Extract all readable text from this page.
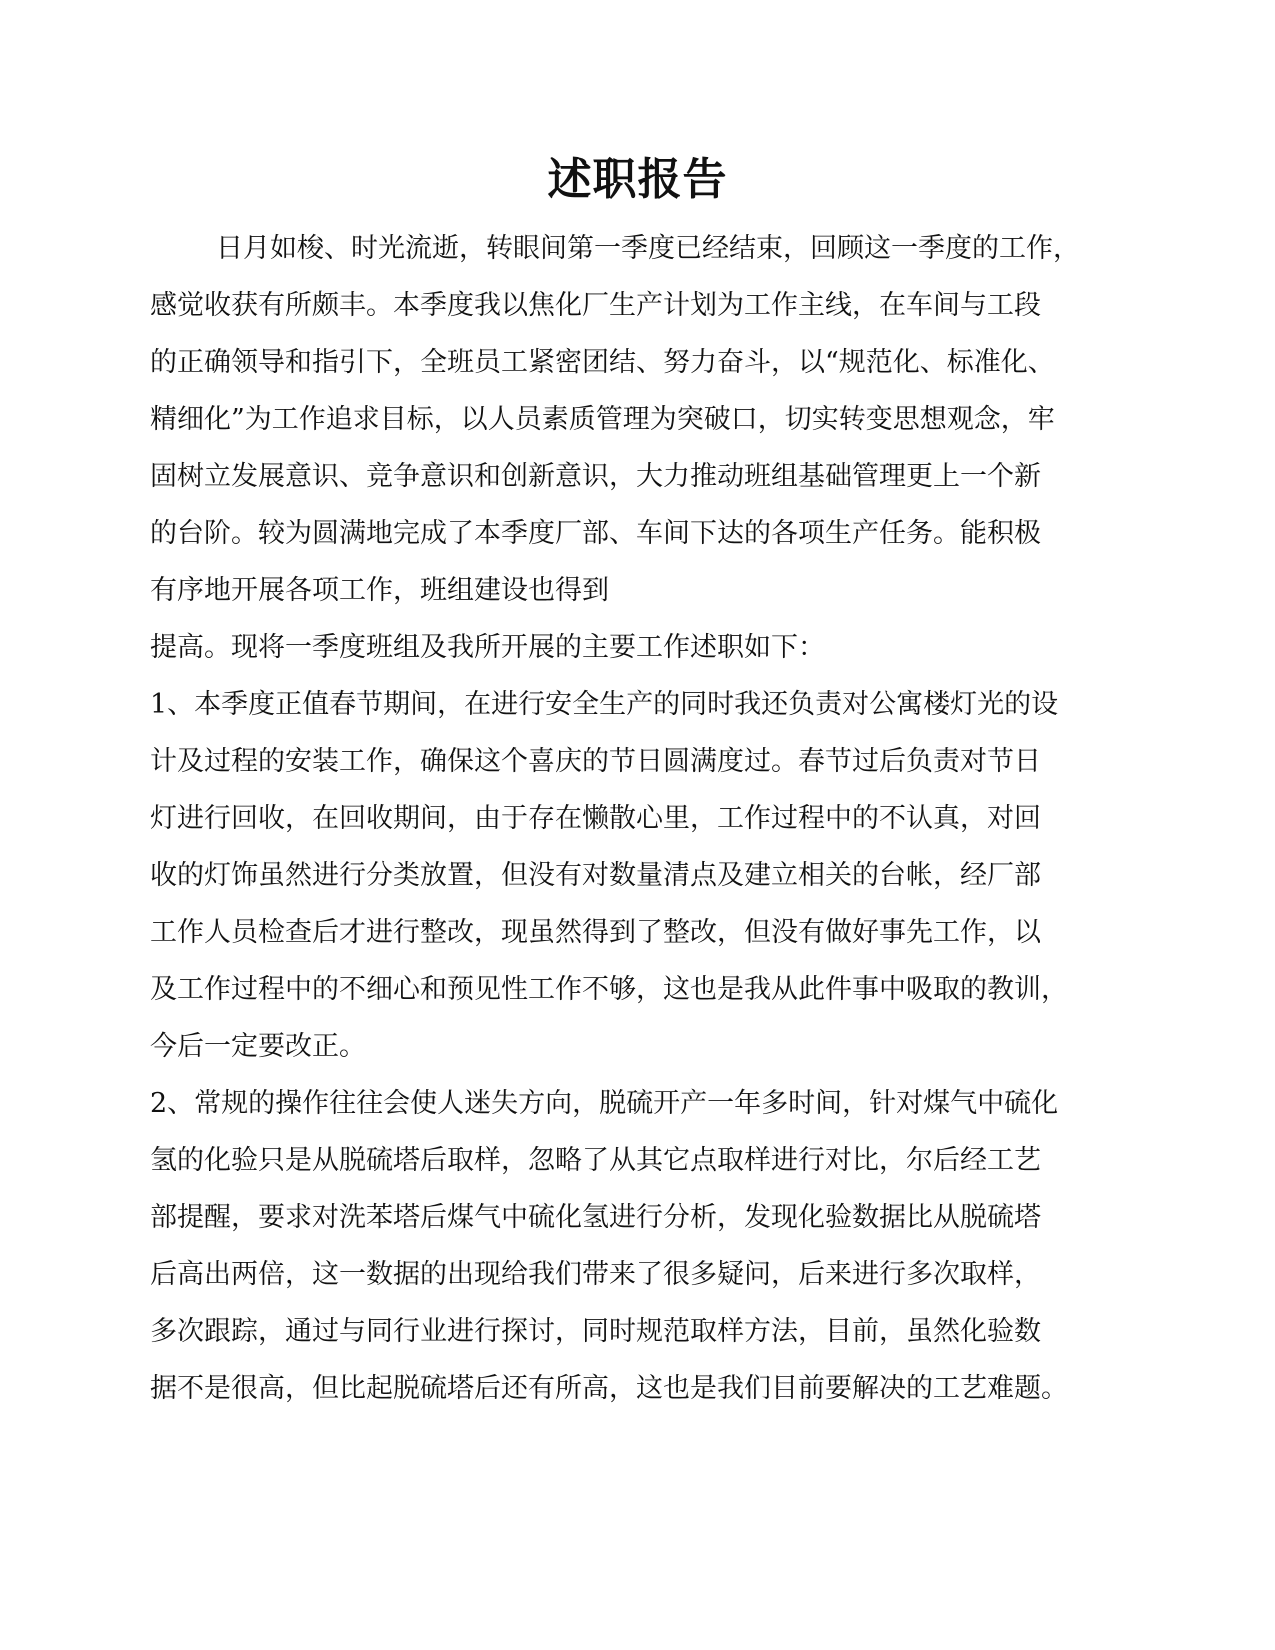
述职报告
日月如梭、时光流逝，转眼间第一季度已经结束，回顾这一季度的工作，
感觉收获有所颇丰。本季度我以焦化厂生产计划为工作主线，在车间与工段
的正确领导和指引下，全班员工紧密团结、努力奋斗，以“规范化、标准化、
精细化”为工作追求目标，以人员素质管理为突破口，切实转变思想观念，牢
固树立发展意识、竞争意识和创新意识，大力推动班组基础管理更上一个新
的台阶。较为圆满地完成了本季度厂部、车间下达的各项生产任务。能积极
有序地开展各项工作，班组建设也得到
提高。现将一季度班组及我所开展的主要工作述职如下：
1、本季度正值春节期间，在进行安全生产的同时我还负责对公寓楼灯光的设
计及过程的安装工作，确保这个喜庆的节日圆满度过。春节过后负责对节日
灯进行回收，在回收期间，由于存在懒散心里，工作过程中的不认真，对回
收的灯饰虽然进行分类放置，但没有对数量清点及建立相关的台帐，经厂部
工作人员检查后才进行整改，现虽然得到了整改，但没有做好事先工作，以
及工作过程中的不细心和预见性工作不够，这也是我从此件事中吸取的教训，
今后一定要改正。
2、常规的操作往往会使人迷失方向，脱硫开产一年多时间，针对煤气中硫化
氢的化验只是从脱硫塔后取样，忽略了从其它点取样进行对比，尔后经工艺
部提醒，要求对洗苯塔后煤气中硫化氢进行分析，发现化验数据比从脱硫塔
后高出两倍，这一数据的出现给我们带来了很多疑问，后来进行多次取样，
多次跟踪，通过与同行业进行探讨，同时规范取样方法，目前，虽然化验数
据不是很高，但比起脱硫塔后还有所高，这也是我们目前要解决的工艺难题。
